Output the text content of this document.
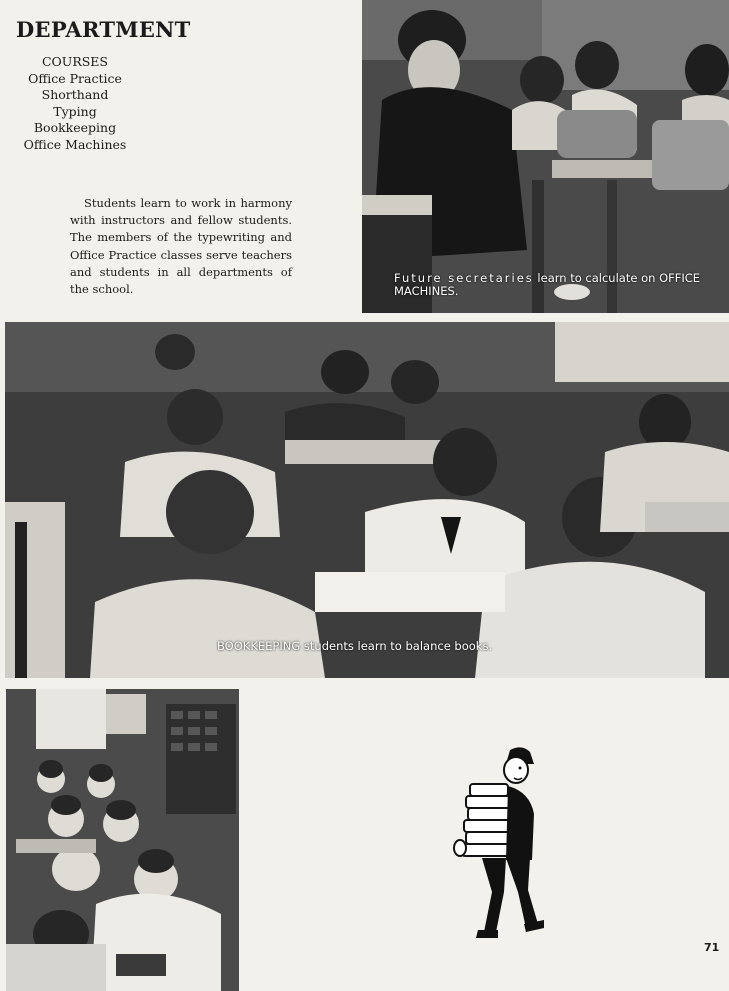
DEPARTMENT
COURSES
Office Practice
Shorthand
Typing
Bookkeeping
Office Machines

Students learn to work in harmony with instructors and fellow students. The members of the typewriting and Office Practice classes serve teachers and students in all departments of the school.

Future secretaries learn to calculate on OFFICE MACHINES.
BOOKKEEPING students learn to balance books.
71
